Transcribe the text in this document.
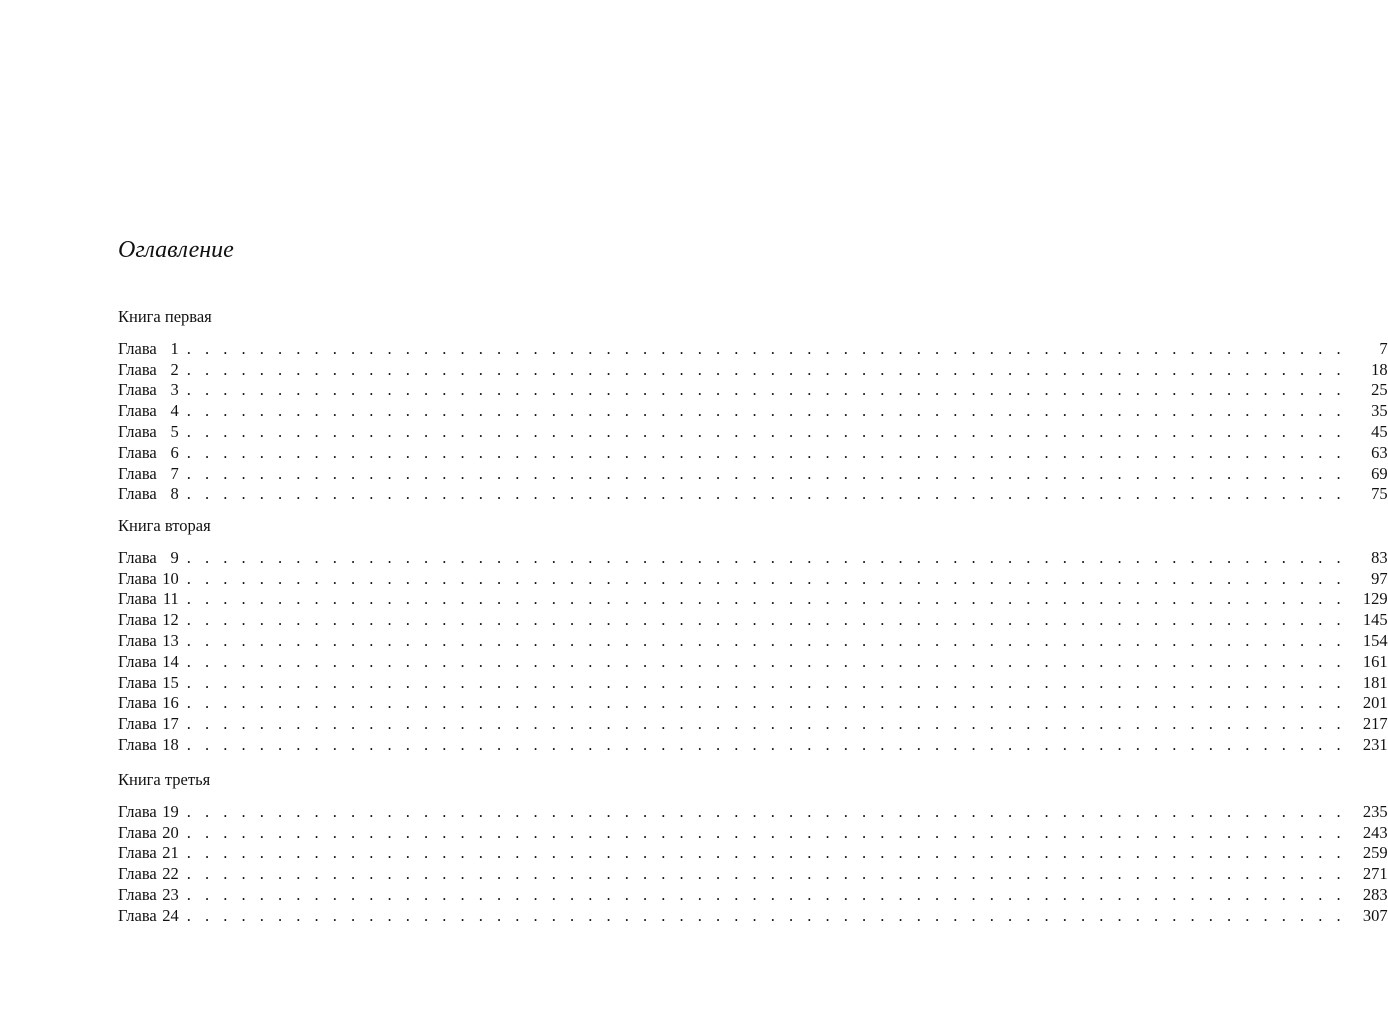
Оглавление
Книга первая
Глава 1 . . . . . . . . . . . . . . . . . . . . . . . . . . . . . . . . . . . . . . . . . . . . . . . . . . . . . . . . . . . . . . . .	7
Глава 2 . . . . . . . . . . . . . . . . . . . . . . . . . . . . . . . . . . . . . . . . . . . . . . . . . . . . . . . . . . . . . . . .	18
Глава 3 . . . . . . . . . . . . . . . . . . . . . . . . . . . . . . . . . . . . . . . . . . . . . . . . . . . . . . . . . . . . . . . .	25
Глава 4 . . . . . . . . . . . . . . . . . . . . . . . . . . . . . . . . . . . . . . . . . . . . . . . . . . . . . . . . . . . . . . . .	35
Глава 5 . . . . . . . . . . . . . . . . . . . . . . . . . . . . . . . . . . . . . . . . . . . . . . . . . . . . . . . . . . . . . . . .	45
Глава 6 . . . . . . . . . . . . . . . . . . . . . . . . . . . . . . . . . . . . . . . . . . . . . . . . . . . . . . . . . . . . . . . .	63
Глава 7 . . . . . . . . . . . . . . . . . . . . . . . . . . . . . . . . . . . . . . . . . . . . . . . . . . . . . . . . . . . . . . . .	69
Глава 8 . . . . . . . . . . . . . . . . . . . . . . . . . . . . . . . . . . . . . . . . . . . . . . . . . . . . . . . . . . . . . . . .	75
Книга вторая
Глава 9 . . . . . . . . . . . . . . . . . . . . . . . . . . . . . . . . . . . . . . . . . . . . . . . . . . . . . . . . . . . . . . . .	83
Глава 10 . . . . . . . . . . . . . . . . . . . . . . . . . . . . . . . . . . . . . . . . . . . . . . . . . . . . . . . . . . . . . . . .	97
Глава 11 . . . . . . . . . . . . . . . . . . . . . . . . . . . . . . . . . . . . . . . . . . . . . . . . . . . . . . . . . . . . . . . . 129
Глава 12 . . . . . . . . . . . . . . . . . . . . . . . . . . . . . . . . . . . . . . . . . . . . . . . . . . . . . . . . . . . . . . . . 145
Глава 13 . . . . . . . . . . . . . . . . . . . . . . . . . . . . . . . . . . . . . . . . . . . . . . . . . . . . . . . . . . . . . . . . 154
Глава 14 . . . . . . . . . . . . . . . . . . . . . . . . . . . . . . . . . . . . . . . . . . . . . . . . . . . . . . . . . . . . . . . . 161
Глава 15 . . . . . . . . . . . . . . . . . . . . . . . . . . . . . . . . . . . . . . . . . . . . . . . . . . . . . . . . . . . . . . . . 181
Глава 16 . . . . . . . . . . . . . . . . . . . . . . . . . . . . . . . . . . . . . . . . . . . . . . . . . . . . . . . . . . . . . . . . 201
Глава 17 . . . . . . . . . . . . . . . . . . . . . . . . . . . . . . . . . . . . . . . . . . . . . . . . . . . . . . . . . . . . . . . . 217
Глава 18 . . . . . . . . . . . . . . . . . . . . . . . . . . . . . . . . . . . . . . . . . . . . . . . . . . . . . . . . . . . . . . . . 231
Книга третья
Глава 19 . . . . . . . . . . . . . . . . . . . . . . . . . . . . . . . . . . . . . . . . . . . . . . . . . . . . . . . . . . . . . . . . 235
Глава 20 . . . . . . . . . . . . . . . . . . . . . . . . . . . . . . . . . . . . . . . . . . . . . . . . . . . . . . . . . . . . . . . . 243
Глава 21 . . . . . . . . . . . . . . . . . . . . . . . . . . . . . . . . . . . . . . . . . . . . . . . . . . . . . . . . . . . . . . . . 259
Глава 22 . . . . . . . . . . . . . . . . . . . . . . . . . . . . . . . . . . . . . . . . . . . . . . . . . . . . . . . . . . . . . . . . 271
Глава 23 . . . . . . . . . . . . . . . . . . . . . . . . . . . . . . . . . . . . . . . . . . . . . . . . . . . . . . . . . . . . . . . . 283
Глава 24 . . . . . . . . . . . . . . . . . . . . . . . . . . . . . . . . . . . . . . . . . . . . . . . . . . . . . . . . . . . . . . . . 307
